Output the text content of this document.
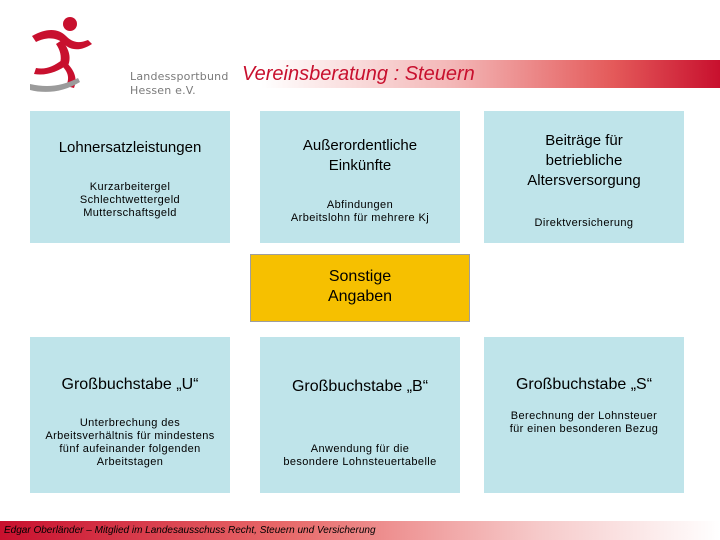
Landessportbund
Hessen e.V.
Vereinsberatung : Steuern
Lohnersatzleistungen
Kurzarbeitergel
Schlechtwettergeld
Mutterschaftsgeld
Außerordentliche
Einkünfte
Abfindungen
Arbeitslohn für mehrere Kj
Beiträge für
betriebliche
Altersversorgung
Direktversicherung
Sonstige
Angaben
Großbuchstabe „U“
Unterbrechung des
Arbeitsverhältnis für mindestens
fünf aufeinander folgenden
Arbeitstagen
Großbuchstabe „B“
Anwendung für die
besondere Lohnsteuertabelle
Großbuchstabe „S“
Berechnung der Lohnsteuer
für einen besonderen Bezug
Edgar Oberländer – Mitglied im Landesausschuss Recht, Steuern und Versicherung
